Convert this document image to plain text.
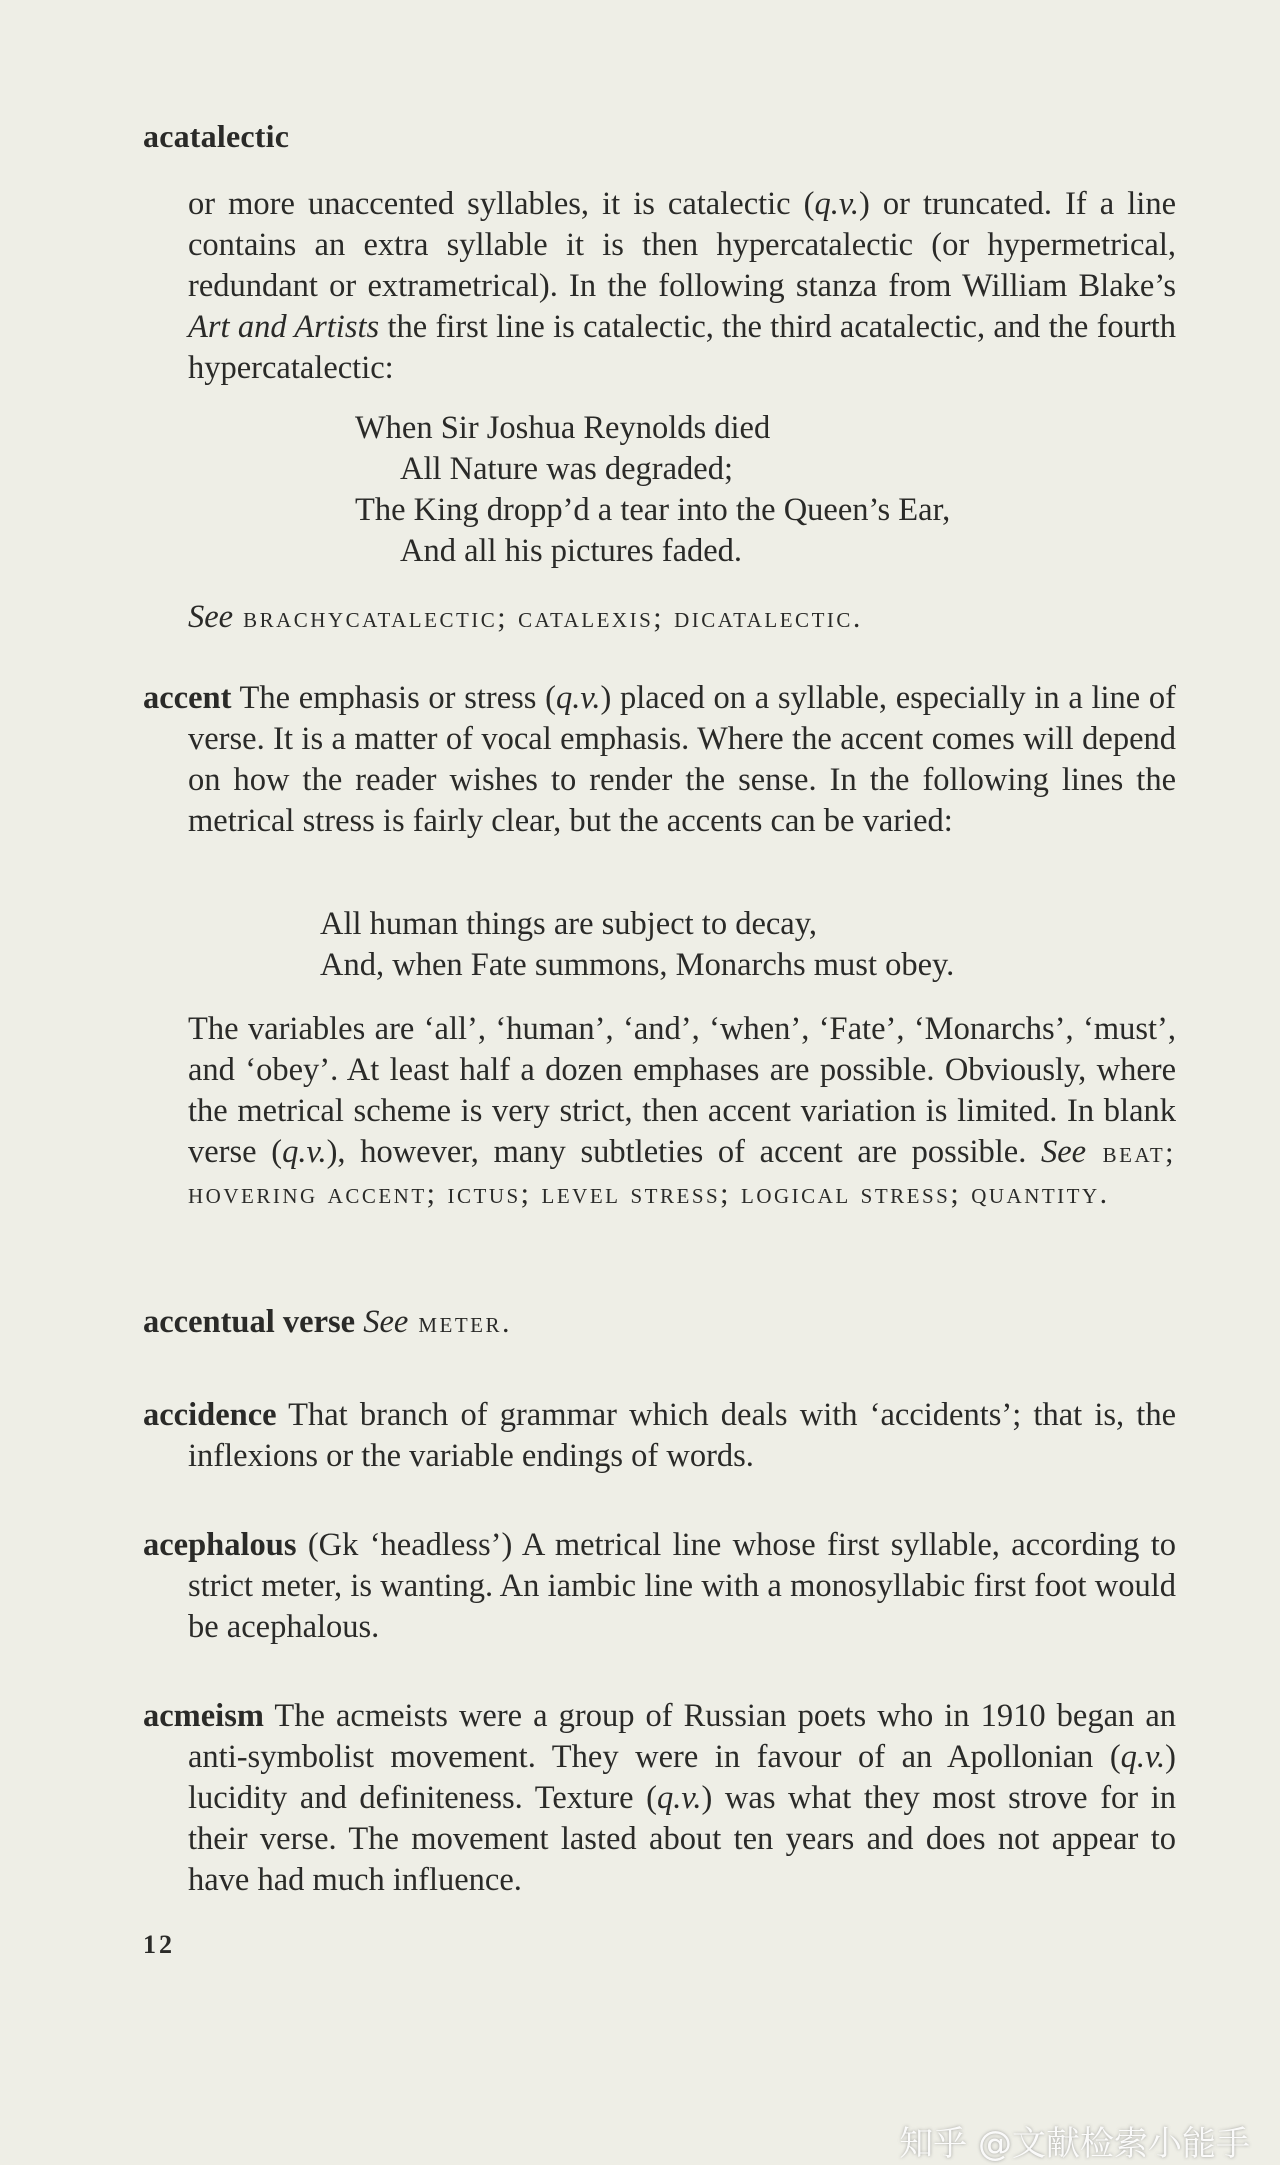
acatalectic
or more unaccented syllables, it is catalectic (q.v.) or truncated. If a line contains an extra syllable it is then hypercatalectic (or hypermetrical, redundant or extrametrical). In the following stanza from William Blake’s Art and Artists the first line is catalectic, the third acatalectic, and the fourth hypercatalectic:
When Sir Joshua Reynolds died
All Nature was degraded;
The King dropp’d a tear into the Queen’s Ear,
And all his pictures faded.
See brachycatalectic; catalexis; dicatalectic.
accent The emphasis or stress (q.v.) placed on a syllable, especially in a line of verse. It is a matter of vocal emphasis. Where the accent comes will depend on how the reader wishes to render the sense. In the following lines the metrical stress is fairly clear, but the accents can be varied:
All human things are subject to decay,
And, when Fate summons, Monarchs must obey.
The variables are ‘all’, ‘human’, ‘and’, ‘when’, ‘Fate’, ‘Monarchs’, ‘must’, and ‘obey’. At least half a dozen emphases are possible. Obviously, where the metrical scheme is very strict, then accent variation is limited. In blank verse (q.v.), however, many subtleties of accent are possible. See beat; hovering accent; ictus; level stress; logical stress; quantity.
accentual verse See meter.
accidence That branch of grammar which deals with ‘accidents’; that is, the inflexions or the variable endings of words.
acephalous (Gk ‘headless’) A metrical line whose first syllable, according to strict meter, is wanting. An iambic line with a monosyllabic first foot would be acephalous.
acmeism The acmeists were a group of Russian poets who in 1910 began an anti-symbolist movement. They were in favour of an Apollonian (q.v.) lucidity and definiteness. Texture (q.v.) was what they most strove for in their verse. The movement lasted about ten years and does not appear to have had much influence.
12
知乎 @文献检索小能手
